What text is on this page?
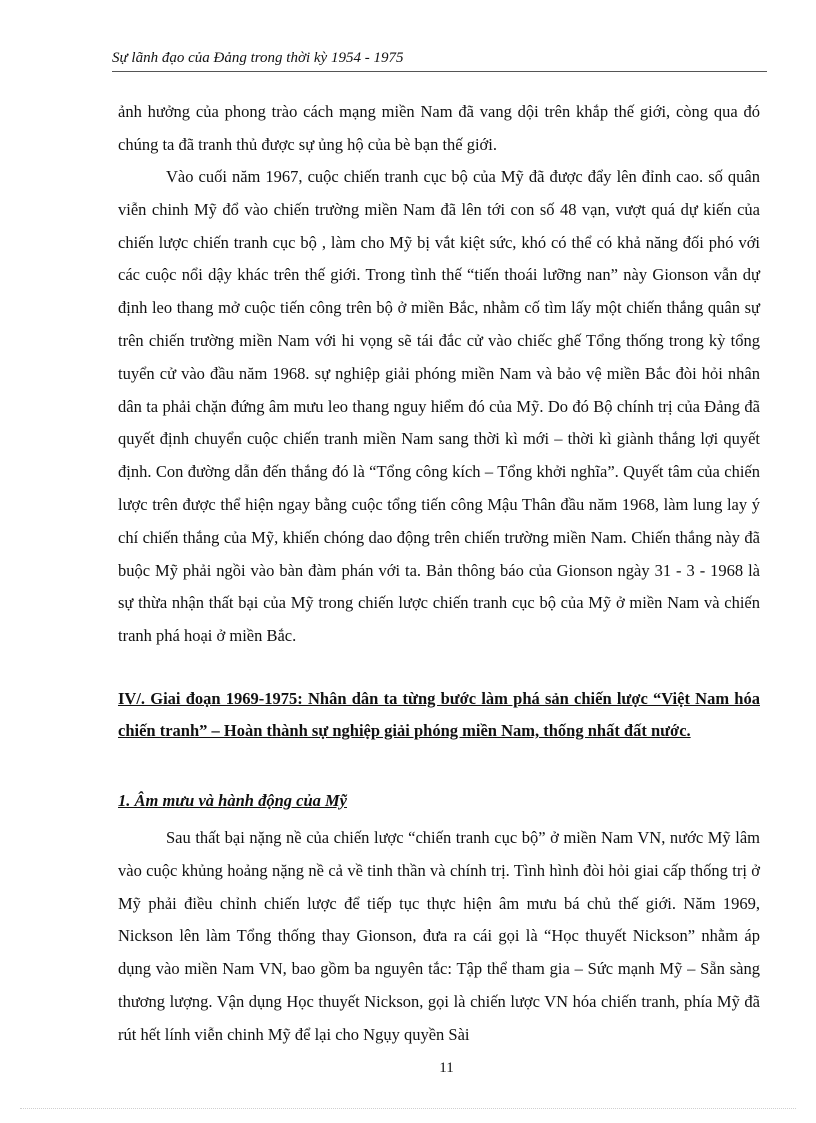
Sự lãnh đạo của Đảng trong thời kỳ 1954 - 1975

ảnh hưởng của phong trào cách mạng miền Nam đã vang dội trên khắp thế giới, còng qua đó chúng ta đã tranh thủ được sự ủng hộ của bè bạn thế giới.

Vào cuối năm 1967, cuộc chiến tranh cục bộ của Mỹ đã được đẩy lên đỉnh cao. số quân viễn chinh Mỹ đổ vào chiến trường miền Nam đã lên tới con số 48 vạn, vượt quá dự kiến của chiến lược chiến tranh cục bộ , làm cho Mỹ bị vắt kiệt sức, khó có thể có khả năng đối phó với các cuộc nổi dậy khác trên thế giới. Trong tình thế “tiến thoái lưỡng nan” này Gionson vẫn dự định leo thang mở cuộc tiến công trên bộ ở miền Bắc, nhằm cố tìm lấy một chiến thắng quân sự trên chiến trường miền Nam với hi vọng sẽ tái đắc cử vào chiếc ghế Tổng thống trong kỳ tổng tuyển cử vào đầu năm 1968. sự nghiệp giải phóng miền Nam và bảo vệ miền Bắc đòi hỏi nhân dân ta phải chặn đứng âm mưu leo thang nguy hiểm đó của Mỹ. Do đó Bộ chính trị của Đảng đã quyết định chuyển cuộc chiến tranh miền Nam sang thời kì mới – thời kì giành thắng lợi quyết định. Con đường dẫn đến thắng đó là “Tổng công kích – Tổng khởi nghĩa”. Quyết tâm của chiến lược trên được thể hiện ngay bằng cuộc tổng tiến công Mậu Thân đầu năm 1968, làm lung lay ý chí chiến thắng của Mỹ, khiến chóng dao động trên chiến trường miền Nam. Chiến thắng này đã buộc Mỹ phải ngồi vào bàn đàm phán với ta. Bản thông báo của Gionson ngày 31 - 3 - 1968 là sự thừa nhận thất bại của Mỹ trong chiến lược chiến tranh cục bộ của Mỹ ở miền Nam và chiến tranh phá hoại ở miền Bắc.

IV/. Giai đoạn 1969-1975: Nhân dân ta từng bước làm phá sản chiến lược “Việt Nam hóa chiến tranh” – Hoàn thành sự nghiệp giải phóng miền Nam, thống nhất đất nước.
1. Âm mưu và hành động của Mỹ

Sau thất bại nặng nề của chiến lược “chiến tranh cục bộ” ở miền Nam VN, nước Mỹ lâm vào cuộc khủng hoảng nặng nề cả về tinh thần và chính trị. Tình hình đòi hỏi giai cấp thống trị ở Mỹ phải điều chỉnh chiến lược để tiếp tục thực hiện âm mưu bá chủ thế giới. Năm 1969, Nickson lên làm Tổng thống thay Gionson, đưa ra cái gọi là “Học thuyết Nickson” nhằm áp dụng vào miền Nam VN, bao gồm ba nguyên tắc: Tập thể tham gia – Sức mạnh Mỹ – Sẵn sàng thương lượng. Vận dụng Học thuyết Nickson, gọi là chiến lược VN hóa chiến tranh, phía Mỹ đã rút hết lính viễn chinh Mỹ để lại cho Ngụy quyền Sài

11
